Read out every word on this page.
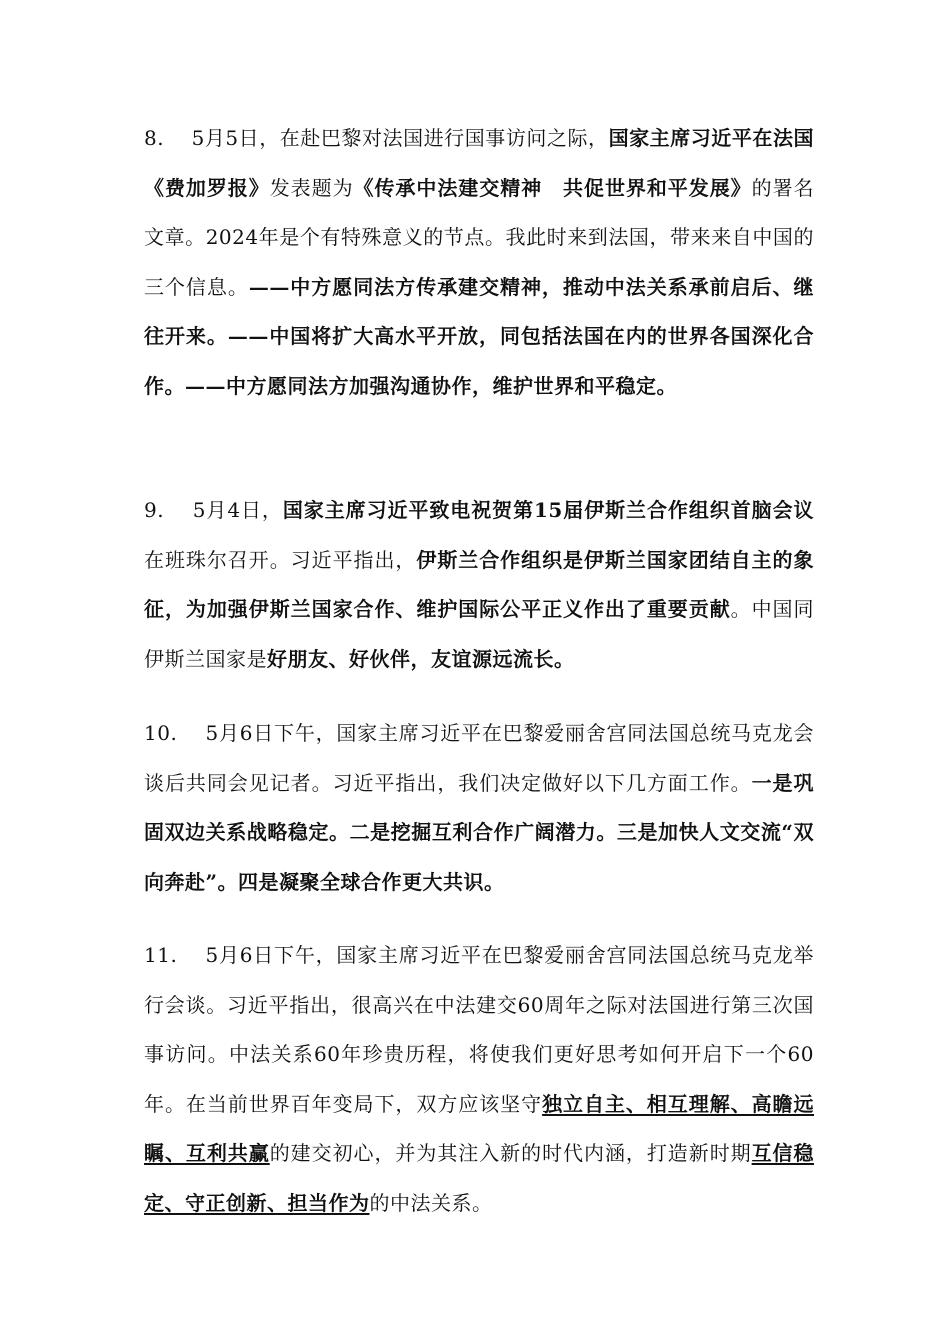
8.　 5月5日，在赴巴黎对法国进行国事访问之际，国家主席习近平在法国《费加罗报》发表题为《传承中法建交精神　共促世界和平发展》的署名文章。2024年是个有特殊意义的节点。我此时来到法国，带来来自中国的三个信息。——中方愿同法方传承建交精神，推动中法关系承前启后、继往开来。——中国将扩大高水平开放，同包括法国在内的世界各国深化合作。——中方愿同法方加强沟通协作，维护世界和平稳定。
9.　 5月4日，国家主席习近平致电祝贺第15届伊斯兰合作组织首脑会议在班珠尔召开。习近平指出，伊斯兰合作组织是伊斯兰国家团结自主的象征，为加强伊斯兰国家合作、维护国际公平正义作出了重要贡献。中国同伊斯兰国家是好朋友、好伙伴，友谊源远流长。
10.　 5月6日下午，国家主席习近平在巴黎爱丽舍宫同法国总统马克龙会谈后共同会见记者。习近平指出，我们决定做好以下几方面工作。一是巩固双边关系战略稳定。二是挖掘互利合作广阔潜力。三是加快人文交流“双向奔赴”。四是凝聚全球合作更大共识。
11.　 5月6日下午，国家主席习近平在巴黎爱丽舍宫同法国总统马克龙举行会谈。习近平指出，很高兴在中法建交60周年之际对法国进行第三次国事访问。中法关系60年珍贵历程，将使我们更好思考如何开启下一个60年。在当前世界百年变局下，双方应该坚守独立自主、相互理解、高瞻远瞩、互利共赢的建交初心，并为其注入新的时代内涵，打造新时期互信稳定、守正创新、担当作为的中法关系。
